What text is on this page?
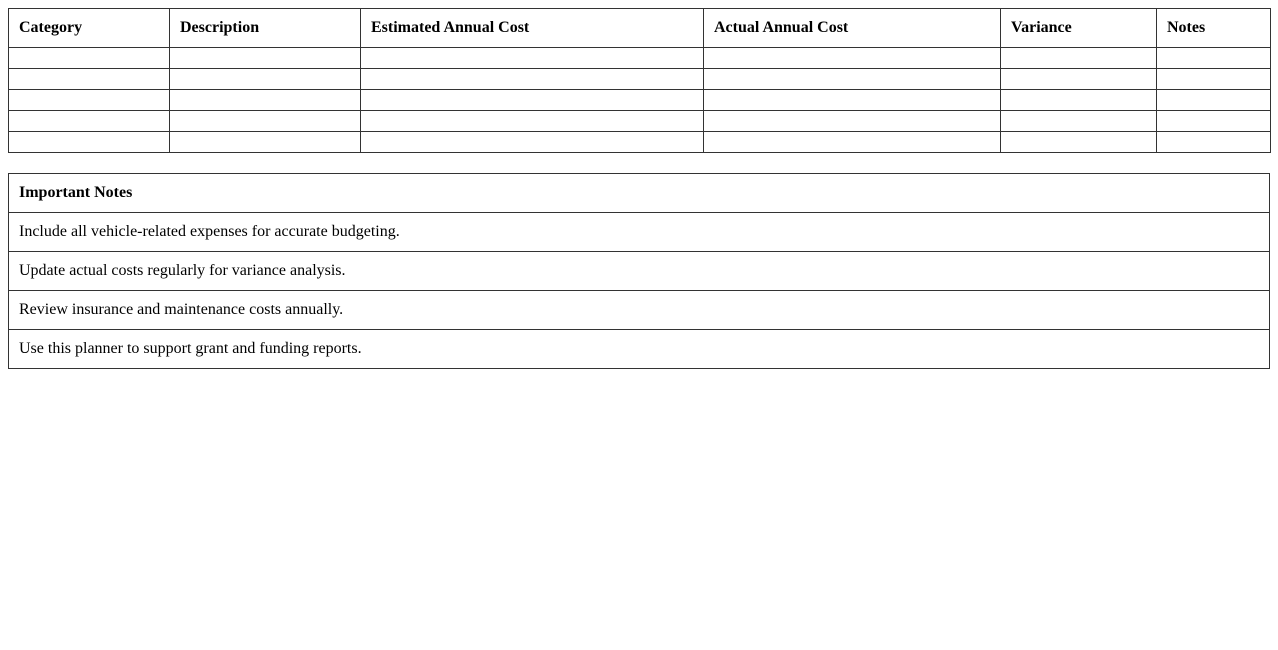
Category	Description	Estimated Annual Cost	Actual Annual Cost	Variance	Notes

Important Notes
Include all vehicle-related expenses for accurate budgeting.
Update actual costs regularly for variance analysis.
Review insurance and maintenance costs annually.
Use this planner to support grant and funding reports.
